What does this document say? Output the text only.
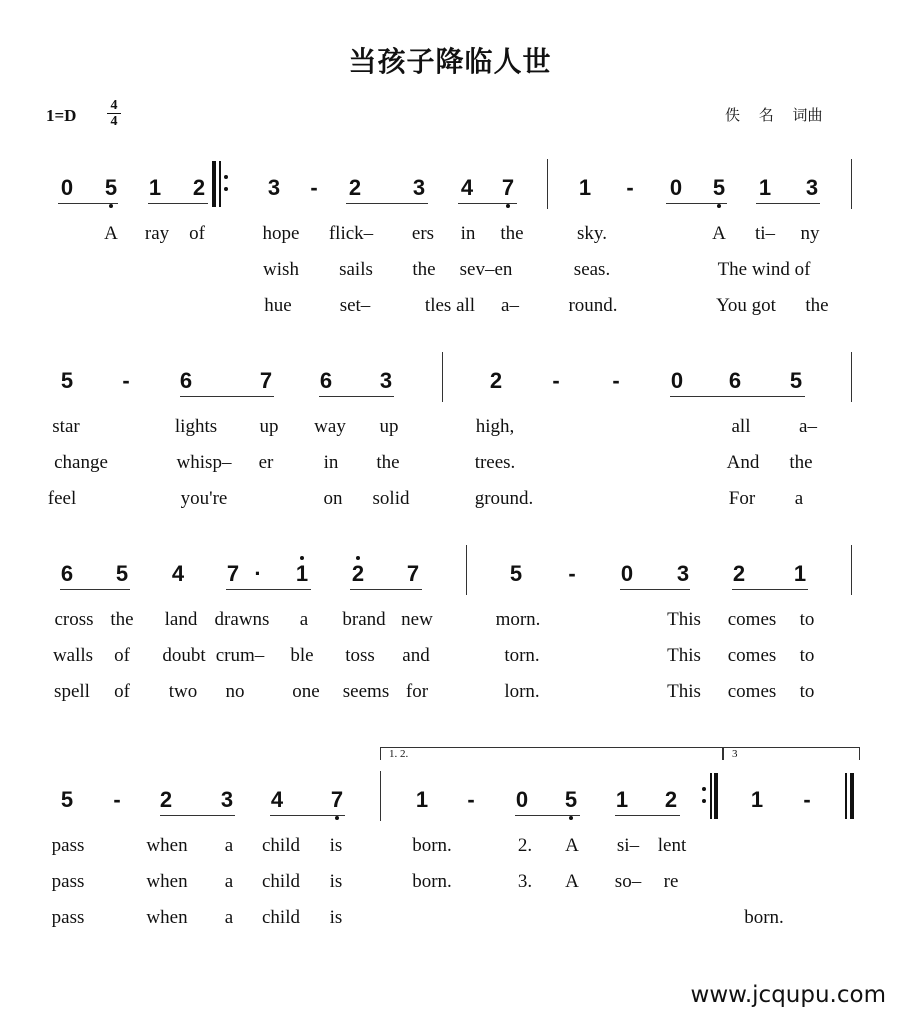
当孩子降临人世
1=D
4
4	佚 名 词曲
0 5 1 2	3	-	2 3 4 7	1	-	0 5 1 3
A ray of	hope flick– ers in the	sky.	A ti– ny
wish sails the sev–en	seas.	The wind of
hue	set–	tles all a–	round.	You got the
5	-	6	7 6 3	2	-	-	0 6 5
star	lights up way up	high,	all	a–
change	whisp– er	in the	trees.	And the
feel	you're	on solid	ground.	For a
6 5 4 7 ·	1 2 7	5	-	0 3 2 1
cross the land drawns a brand new	morn.	This comes to
walls of doubt crum– ble toss and	torn.	This comes to
spell of two no	one seems for	lorn.	This comes to
5	-	2 3 4 7	1	-	0 5 1 2	1	-
1. 2.	3
pass	when a child is	born.	2. A si– lent
pass	when a child is	born.	3. A so– re
pass	when a child is	born.
www.jcqupu.com
